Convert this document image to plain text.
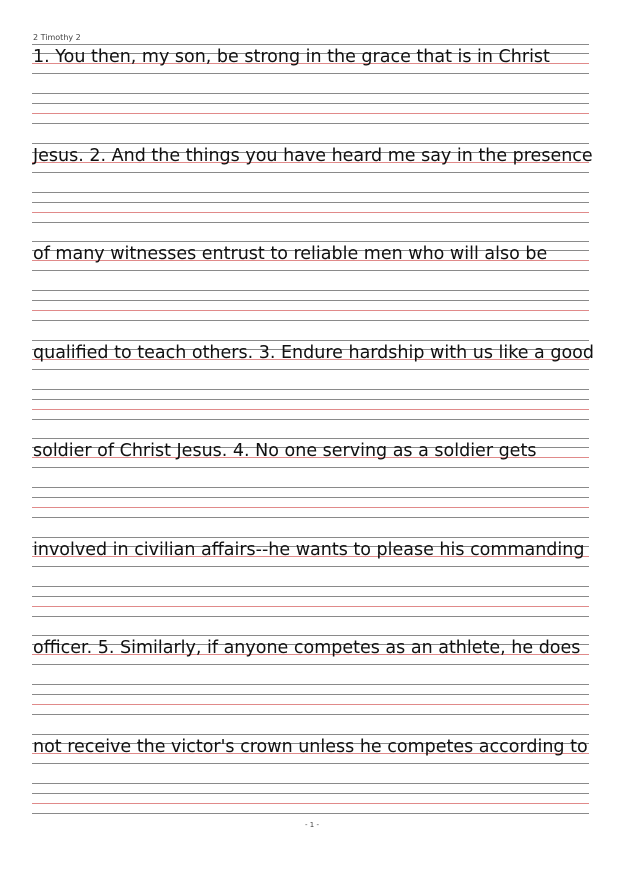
2 Timothy 2
1. You then, my son, be strong in the grace that is in Christ
Jesus. 2. And the things you have heard me say in the presence
of many witnesses entrust to reliable men who will also be
qualified to teach others. 3. Endure hardship with us like a good
soldier of Christ Jesus. 4. No one serving as a soldier gets
involved in civilian affairs--he wants to please his commanding
officer. 5. Similarly, if anyone competes as an athlete, he does
not receive the victor's crown unless he competes according to
- 1 -
